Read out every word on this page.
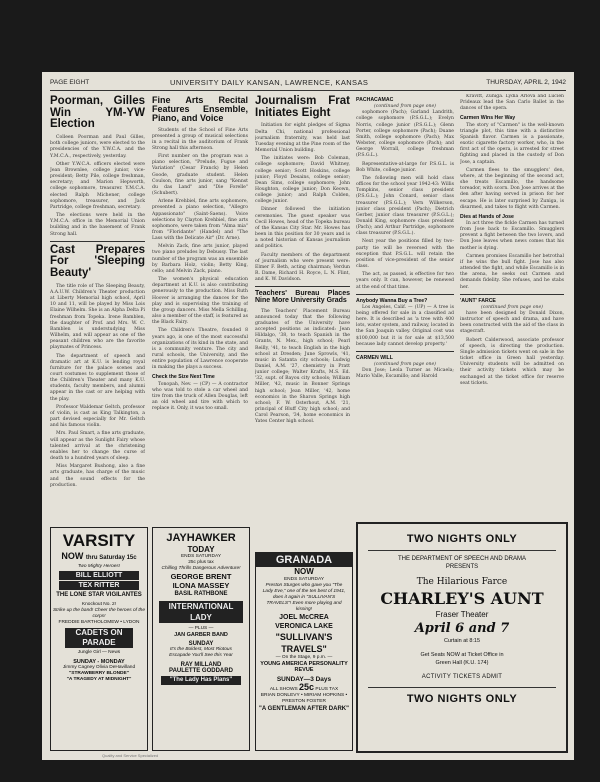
PAGE EIGHT	UNIVERSITY DAILY KANSAN, LAWRENCE, KANSAS	THURSDAY, APRIL 2, 1942
Poorman, Gilles Win YM-YW Election

Colleen Poorman and Paul Gilles, both college juniors, were elected to the presidencies of the Y.W.C.A. and the Y.M.C.A., respectively, yesterday.

Other Y.W.C.A. officers elected were Jean Brownlee, college junior, vice-president; Betty Pile, college freshman, secretary; and Marion Hepworth, college sophomore, treasurer. Y.M.C.A. elected Ralph Michener, college sophomore, treasurer, and Jack Partridge, college freshman, secretary.

The elections were held in the Y.M.C.A. office in the Memorial Union building and in the basement of Frank Strong hall.

Cast Prepares For 'Sleeping Beauty'

The title role of The Sleeping Beauty, A.A.U.W. Children's Theater production at Liberty Memorial high school, April 10 and 11, will be played by Miss Lois Elaine Wilhelm. She is an Alpha Delta Pi freshman from Topeka. Irene Bamblen, the daughter of Prof. and Mrs. W. C. Bamblen is understudying Miss Wilhelm, and will appear as one of the peasant children who are the favorite playmates of Princess.

The department of speech and dramatic art at K.U. is lending royal furniture for the palace scenes and court costumes to supplement those of the Children's Theater and many K.U. students, faculty members, and alumni appear in the cast or are helping with the play.

Professor Waldemar Geltch, professor of violin, is cast as King Talkington, a part devised especially for Mr. Geltch and his famous violin.

Mrs. Paul Smart, a fine arts graduate, will appear as the Sunlight Fairy whose talented arrival at the christening enables her to change the curse of death to a hundred years of sleep.

Miss Margaret Bushong, also a fine arts graduate, has charge of the music and the sound effects for the production.

Fine Arts Recital Features Ensemble, Piano, and Voice

Students of the School of Fine Arts presented a group of musical selections in a recital in the auditorium of Frank Strong hall this afternoon.

First number on the program was a piano selection, "Prelude, Fugue and Variation" (Cesar Franck) by Helen Goode, graduate student. Helen Coulson, fine arts junior, sang "Kennst du das Land" and "Die Forelle" (Schubert).

Arlene Krehbiel, fine arts sophomore, presented a piano selection, "Allegro Appassionato" (Saint-Saens). Voice selections by Clayton Krehbiel, fine arts sophomore, were taken from "Alma mia" from "Floridante" (Handel) and "The Lass with the Delicate Air" (Dr. Arne).

Melvin Zack, fine arts junior, played two piano preludes by Debussy. The last number of the program was an ensemble by Barbara Holz, violin; Betty King, cello; and Melvin Zack, piano.

The women's physical education department at K.U. is also contributing generously to the production. Miss Ruth Hoover is arranging the dances for the play and is supervising the training of the group dancers. Miss Mella Schilling, also a member of the staff, is featured as the Black Fairy.

The Children's Theatre, founded 8 years ago, is one of the most successful organizations of its kind in the state, and is a community venture. The city and rural schools, the University, and the entire population of Lawrence cooperate in making the plays a success.

Check the Size Next Time

Tonopah, Nev. — (CP) — A contractor who was told to stole a car wheel and tire from the truck of Allen Douglas, left an old wheel and tire with which to replace it. Only, it was too small.

Journalism Frat Initiates Eight

Initiation for eight pledges of Sigma Delta Chi, national professional journalism fraternity, was held last Tuesday evening at the Pine room of the Memorial Union building.

The initiates were: Bob Coleman, college sophomore; David Whitney, college senior; Scott Hoskins, college junior; Floyd Desains, college senior; Dean Sims, college sophomore; John Houghton, college junior; Don Keown, college junior; and Ralph Colden, college junior.

Dinner followed the initiation ceremonies. The guest speaker was Cecil Howes, head of the Topeka bureau of the Kansas City Star. Mr. Howes has been in this position for 30 years and is a noted historian of Kansas journalism and politics.

Faculty members of the department of journalism who were present were: Elmer F. Beth, acting chairman; Verdun R. Dame, Richard H. Royce, L. N. Flint, and K. W. Davidson.

Teachers' Bureau Places Nine More University Grads

The Teachers' Placement Bureau announced today that the following graduates of the University have accepted positions as indicated: Jean Hildalgo, '38, to teach Spanish in the Grants, N. Mex., high school; Pearl Reilly, '41, to teach English in the high school at Dresden; June Sprowls, '41, music in Satanta city schools; Ludwig Daniel, A.M. '27, chemistry in Pratt junior college; Walter Krafts, M.S. Ed. '32, supt. of Bayou city schools; William Miller, '42, music in Bonner Springs high school; Jean Miller, '42, home economics in the Sharon Springs high school; F. W. Osterhout, A.M. '21, principal of Bluff City high school; and Carol Pearson, '34, home economics in Yates Center high school.

PACHACAMAC
(continued from page one)

sophomore (Pach); Garland Landrith, college sophomore (P.S.G.L.); Evelyn Norris, college junior (P.S.G.L.); Glenn Porter, college sophomore (Pach); Duane Smith, college sophomore (Pach); Max Webster, college sophomore (Pach); and George Worrall, college freshman (P.S.G.L.).

Representative-at-large for P.S.G.L. is Bob White, college junior.

The following men will hold class offices for the school year 1942-43: Willis Tompkins, senior class president (P.S.G.L.); John Conard, senior class treasurer (P.S.G.L.); Vern Wilkerson, junior class president (Pach); Dietrich Gerber, junior class treasurer (P.S.G.L.); Donald King, sophomore class president (Pach); and Arthur Partridge, sophomore class treasurer (P.S.G.L.).

Next year the positions filled by two-party tie will be reversed with the exception that P.S.G.L. will retain the position of vice-president of the senior class.

The act, as passed, is effective for two years only. It can, however, be renewed at the end of that time.

Anybody Wanna Buy a Tree?

Los Angeles, Calif. — (UP) — A tree is being offered for sale in a classified ad here. It is described as 'a tree with 400 lots, water system, and railway, located in the San Joaquin valley. Original cost was $100,000 but it is for sale at $13,500 because lady cannot develop property.'

CARMEN WILL
(continued from page one)

Don Jose; Leola Turner as Micaela; Mario Valle, Escamillo; and Harold

Kravitt, Zuniga. Lydia Arlova and Lucien Prideaux lead the San Carlo Ballet in the dances of the opera.

Carmen Wins Her Way

The story of "Carmen" is the well-known triangle plot, this time with a distinctive Spanish flavor. Carmen is a passionate, exotic cigarette factory worker, who, in the first act of the opera, is arrested for street fighting and placed in the custody of Don Jose, a captain.

Carmen flees to the smugglers' den, where, at the beginning of the second act, she treats Escamillo, the handsome toreador, with scorn. Don Jose arrives at the den after having served in prison for her escape. He is later surprised by Zuniga, is disarmed, and takes to flight with Carmen.

Dies at Hands of Jose

In act three the fickle Carmen has turned from Jose back to Escamillo. Smugglers prevent a fight between the two lovers, and Don Jose leaves when news comes that his mother is dying.

Carmen promises Escamillo her betrothal if he wins the bull fight. Jose has also attended the fight, and while Escamillo is in the arena, he seeks out Carmen and demands fidelity. She refuses, and he stabs her.

'AUNT' FARCE
(continued from page one)

have been designed by Donald Dixon, instructor of speech and drama, and have been constructed with the aid of the class in stagecraft.

Robert Calderwood, associate professor of speech, is directing the production. Single admission tickets went on sale in the ticket office in Green hall yesterday. University students will be admitted on their activity tickets which may be exchanged at the ticket office for reserve seat tickets.

VARSITY
NOW thru Saturday 15c
Two Mighty Heroes!
BILL ELLIOTT
TEX RITTER
THE LONE STAR VIGILANTES
Knockout No. 2!
Strike up the band! Cheer the heroes of the corps!
FREDDIE BARTHOLOMEW • LYDON
CADETS ON PARADE
Jungle Girl — News
SUNDAY - MONDAY
Jimmy Cagney Olivia DeHavilland
"STRAWBERRY BLONDE"
"A TRAGEDY AT MIDNIGHT"
JAYHAWKER
TODAY
ENDS SATURDAY
25c plus tax
Chilling Thrills Dangerous Adventure!
GEORGE BRENT
ILONA MASSEY
BASIL RATHBONE
INTERNATIONAL LADY
— PLUS —
JAN GARBER BAND
SUNDAY
It's the Boldest, Most Riotous Escapade You'll See this Year
RAY MILLAND
PAULETTE GODDARD
"The Lady Has Plans"
GRANADA
NOW
ENDS SATURDAY
Preston Sturges who gave you "The Lady Eve," one of the ten best of 1941, does it again in "SULLIVAN'S TRAVELS"! Even more playing and kissing!
JOEL McCREA
VERONICA LAKE
"SULLIVAN'S TRAVELS"
— On the Stage, 9 p.m. —
YOUNG AMERICA PERSONALITY REVUE
SUNDAY—3 Days
ALL SHOWS 25c PLUS TAX
BRIAN DONLEVY • MIRIAM HOPKINS • PRESTON FOSTER
"A GENTLEMAN AFTER DARK"
TWO NIGHTS ONLY
THE DEPARTMENT OF SPEECH AND DRAMA
PRESENTS
The Hilarious Farce
CHARLEY'S AUNT
Fraser Theater
April 6 and 7
Curtain at 8:15
Get Seats NOW at Ticket Office in
Green Hall (K.U. 174)
ACTIVITY TICKETS ADMIT
TWO NIGHTS ONLY
Quality and Service Specialized
